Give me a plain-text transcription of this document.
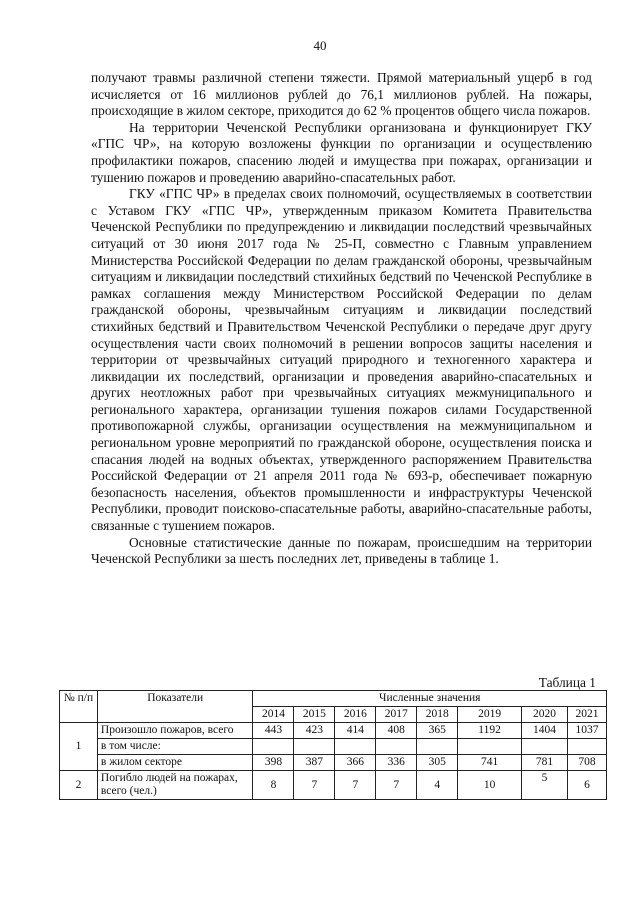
40

получают травмы различной степени тяжести. Прямой материальный ущерб в год исчисляется от 16 миллионов рублей до 76,1 миллионов рублей. На пожары, происходящие в жилом секторе, приходится до 62 % процентов общего числа пожаров.

На территории Чеченской Республики организована и функционирует ГКУ «ГПС ЧР», на которую возложены функции по организации и осуществлению профилактики пожаров, спасению людей и имущества при пожарах, организации и тушению пожаров и проведению аварийно-спасательных работ.

ГКУ «ГПС ЧР» в пределах своих полномочий, осуществляемых в соответствии с Уставом ГКУ «ГПС ЧР», утвержденным приказом Комитета Правительства Чеченской Республики по предупреждению и ликвидации последствий чрезвычайных ситуаций от 30 июня 2017 года № 25-П, совместно с Главным управлением Министерства Российской Федерации по делам гражданской обороны, чрезвычайным ситуациям и ликвидации последствий стихийных бедствий по Чеченской Республике в рамках соглашения между Министерством Российской Федерации по делам гражданской обороны, чрезвычайным ситуациям и ликвидации последствий стихийных бедствий и Правительством Чеченской Республики о передаче друг другу осуществления части своих полномочий в решении вопросов защиты населения и территории от чрезвычайных ситуаций природного и техногенного характера и ликвидации их последствий, организации и проведения аварийно-спасательных и других неотложных работ при чрезвычайных ситуациях межмуниципального и регионального характера, организации тушения пожаров силами Государственной противопожарной службы, организации осуществления на межмуниципальном и региональном уровне мероприятий по гражданской обороне, осуществления поиска и спасания людей на водных объектах, утвержденного распоряжением Правительства Российской Федерации от 21 апреля 2011 года № 693-р, обеспечивает пожарную безопасность населения, объектов промышленности и инфраструктуры Чеченской Республики, проводит поисково-спасательные работы, аварийно-спасательные работы, связанные с тушением пожаров.

Основные статистические данные по пожарам, происшедшим на территории Чеченской Республики за шесть последних лет, приведены в таблице 1.

Таблица 1
№ п/п	Показатели	Численные значения							
		2014	2015	2016	2017	2018	2019	2020	2021
1	Произошло пожаров, всего	443	423	414	408	365	1192	1404	1037
	в том числе:								
	в жилом секторе	398	387	366	336	305	741	781	708
2	Погибло людей на пожарах, всего (чел.)	8	7	7	7	4	10	5	6
